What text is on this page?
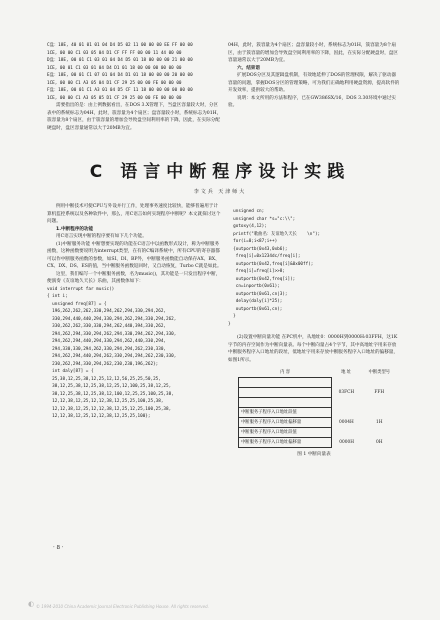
C盘：18E, 40 01 01 01 04 D4 D5 02 11 00 00 00 EE FF 00 00
1CE, 00 00 C1 03 05 04 D1 CF FF FF 00 00 11 44 00 00
D盘：18E, 00 01 C1 03 01 04 D4 D5 01 18 00 00 00 21 00 00
1CE, 00 01 C1 03 01 04 D4 D1 01 18 00 00 00 00 00 00
E盘：18E, 00 01 C1 07 01 04 D4 D1 01 18 00 00 00 20 00 00
1CE, 00 00 C1 A3 05 04 D1 CF 29 25 00 00 FE 00 00 00
F盘：18E, 00 01 C1 A3 01 04 D5 CF 11 18 00 00 00 00 00 00
1CE, 00 00 C1 A3 05 05 D1 CF 29 25 00 00 FE 00 00 00

需要指出的是：由上例数据看出，在DOS 3.X管理下，当盘区容量较大时，分区表中的系统标志为04H，此时，簇容量为4个扇区；盘容量较小时，系统标志为01H，簇容量为8个扇区，由于簇容量的增加会导致盘空间利用率的下降，因此，在实际分配硬盘时，盘区容量通常以大于20MB为宜。

04H，此时，簇容量为4个扇区；盘容量较小时，系统标志为01H，簇容量为8个扇区，由于簇容量的增加会导致盘空间利用率的下降，因此，在实际分配硬盘时，盘区容量通常以大于20MB为宜。

六、结束语

扩展DOS分区及其逻辑盘机制，有效地延伸了DOS的管理权限，解决了驱动器容量的问题，掌握DOS分区的管理策略，可为我们正确地利用硬盘资源，提高软件的开发效率，提供较大的帮助。

说明：本文所用的方法和程序，已在GW386SX/16，DOS 3.30环境中通过实验。

C 语言中断程序设计实践
李文兵 天津师大

例用中断技术可使CPU与外设并行工作，处理事务速度比较快，能够普遍用于计算机监控系统以及各种软件中，那么，用C语言如何实现程序中断呢？本文就探讨这个问题。

1.中断程序的功能

用C语言实现中断的程序要有如下几个功能。

(1)中断服务功能 中断想要实现的功能在C语言中以函数形式设计，称为中断服务函数，这种函数要说明为interrupt类型，在有的C编译系统中，所有CPU的寄存器都可以作中断服务函数的参数，如SI、DI、BP外，中断服务函数能自动保存AX、BX、CX、DX、DS、ES的值，当中断服务函数返回时，又自动恢复，Turbo C就是如此。

这里，我们编写一个中断服务函数，名为music()，其功能是一只发出程序中断，便演奏《友谊地久天长》乐曲，其函数体如下：

void interrupt far music()
{ int i;
unsigned freq[87] = {
196,262,262,262,330,294,262,294,330,294,262,
330,294,440,440,294,330,294,262,294,330,294,262,
330,262,262,330,330,294,262,440,394,330,262,
294,262,294,330,294,262,294,330,294,262,294,330,
294,262,294,440,294,330,294,262,440,330,294,
294,330,330,294,262,330,294,294,262,230,330,
294,262,294,440,294,262,330,294,294,262,230,330,
230,262,294,330,294,262,230,230,196,262};
int daly[87] = {
25,38,12,25,38,12,25,12,12,56,25,25,50,25,
38,12,25,38,12,25,38,12,25,12,100,25,38,12,25,
38,12,25,38,12,25,38,12,100,12,25,25,100,25,38,
12,12,38,12,25,12,12,38,12,25,25,100,25,38,
12,12,38,12,25,12,12,38,12,25,12,25,100,25,38,
12,12,38,12,25,12,12,38,12,25,25,100};
unsigned cn;
unsigned char *s="c:\\";
gotoxy(4,12);
printf("歌曲名：友谊地久天长    \n");
for(i=0;i<87;i++)
{outportb(0x43,0xb6);
freq[i]=0x1234dc/freq[i];
outportb(0x42,freq[i]&0x00ff);
freq[i]=freq[i]>>8;
outportb(0x42,freq[i]);
cn=inportb(0x61);
outportb(0x61,cn|3);
delay(daly[i]*25);
outportb(0x61,cn);
}
}

(2)设置中断向量功能 在PC机中，从地址0：0000H到0000H:03FFH，这1K字节的内存空间作为中断向量表。每个中断向量占4个字节，其中高地址字用来存放中断服务程序入口地址的段址，低地址字用来存放中断服务程序入口地址的偏移量，如图1所示。

内 容	地 址	中断类型号

	03FCH	FFH

中断服务子程序入口地址段值		
中断服务子程序入口地址偏移量	0004H	1H
中断服务子程序入口地址段值		
中断服务子程序入口地址偏移量	0000H	0H
图 1 中断向量表
· 8 ·
◐ © 1994-2010 China Academic Journal Electronic Publishing House. All rights reserved.
